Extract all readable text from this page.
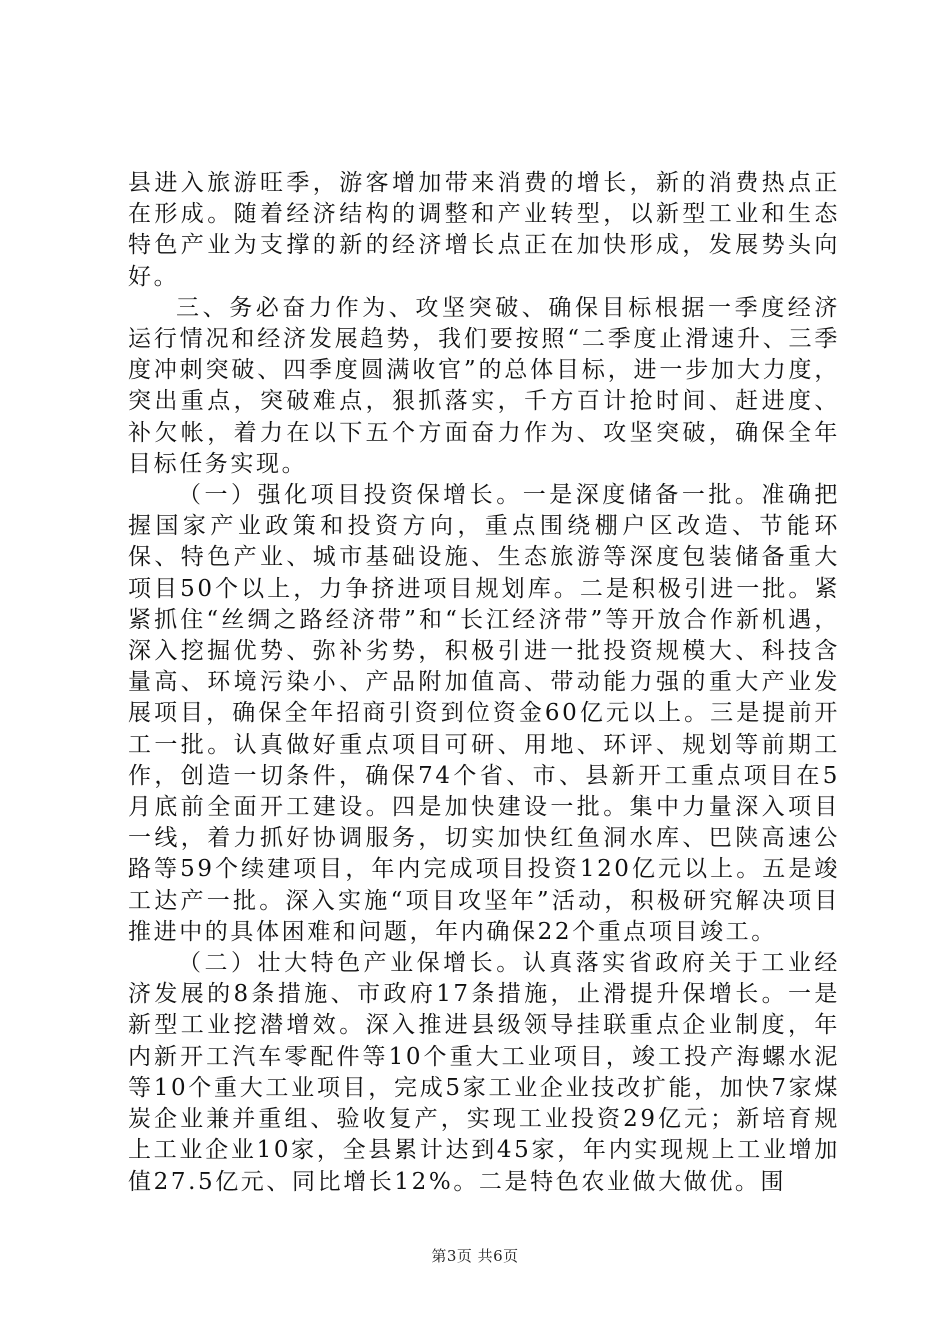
县进入旅游旺季，游客增加带来消费的增长，新的消费热点正在形成。随着经济结构的调整和产业转型，以新型工业和生态特色产业为支撑的新的经济增长点正在加快形成，发展势头向好。

三、务必奋力作为、攻坚突破、确保目标根据一季度经济运行情况和经济发展趋势，我们要按照“二季度止滑速升、三季度冲刺突破、四季度圆满收官”的总体目标，进一步加大力度，突出重点，突破难点，狠抓落实，千方百计抢时间、赶进度、补欠帐，着力在以下五个方面奋力作为、攻坚突破，确保全年目标任务实现。

（一）强化项目投资保增长。一是深度储备一批。准确把握国家产业政策和投资方向，重点围绕棚户区改造、节能环保、特色产业、城市基础设施、生态旅游等深度包装储备重大项目50个以上，力争挤进项目规划库。二是积极引进一批。紧紧抓住“丝绸之路经济带”和“长江经济带”等开放合作新机遇，深入挖掘优势、弥补劣势，积极引进一批投资规模大、科技含量高、环境污染小、产品附加值高、带动能力强的重大产业发展项目，确保全年招商引资到位资金60亿元以上。三是提前开工一批。认真做好重点项目可研、用地、环评、规划等前期工作，创造一切条件，确保74个省、市、县新开工重点项目在5月底前全面开工建设。四是加快建设一批。集中力量深入项目一线，着力抓好协调服务，切实加快红鱼洞水库、巴陕高速公路等59个续建项目，年内完成项目投资120亿元以上。五是竣工达产一批。深入实施“项目攻坚年”活动，积极研究解决项目推进中的具体困难和问题，年内确保22个重点项目竣工。

（二）壮大特色产业保增长。认真落实省政府关于工业经济发展的8条措施、市政府17条措施，止滑提升保增长。一是新型工业挖潜增效。深入推进县级领导挂联重点企业制度，年内新开工汽车零配件等10个重大工业项目，竣工投产海螺水泥等10个重大工业项目，完成5家工业企业技改扩能，加快7家煤炭企业兼并重组、验收复产，实现工业投资29亿元；新培育规上工业企业10家，全县累计达到45家，年内实现规上工业增加值27.5亿元、同比增长12%。二是特色农业做大做优。围

第3页 共6页
